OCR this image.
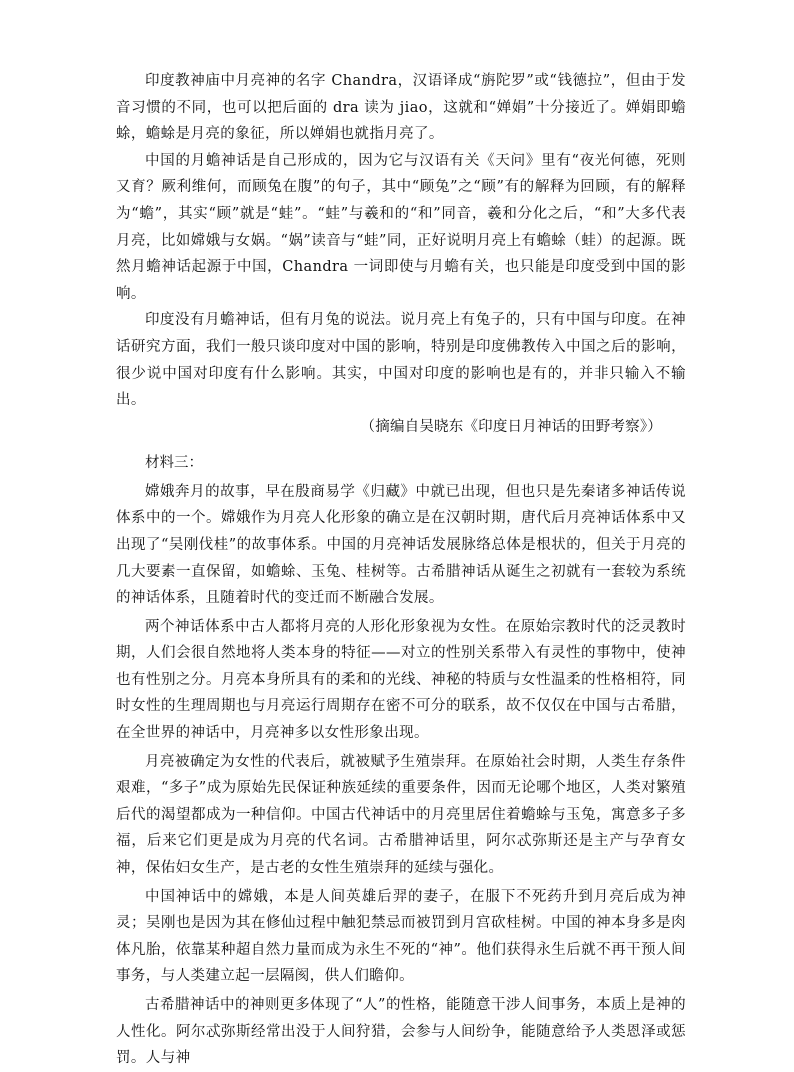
印度教神庙中月亮神的名字 Chandra，汉语译成“旃陀罗”或“钱德拉”，但由于发音习惯的不同，也可以把后面的 dra 读为 jiao，这就和“婵娟”十分接近了。婵娟即蟾蜍，蟾蜍是月亮的象征，所以婵娟也就指月亮了。

中国的月蟾神话是自己形成的，因为它与汉语有关《天问》里有“夜光何德，死则又育？厥利维何，而顾兔在腹”的句子，其中“顾兔”之“顾”有的解释为回顾，有的解释为“蟾”，其实“顾”就是“蛙”。“蛙”与羲和的“和”同音，羲和分化之后，“和”大多代表月亮，比如嫦娥与女娲。“娲”读音与“蛙”同，正好说明月亮上有蟾蜍（蛙）的起源。既然月蟾神话起源于中国，Chandra 一词即使与月蟾有关，也只能是印度受到中国的影响。

印度没有月蟾神话，但有月兔的说法。说月亮上有兔子的，只有中国与印度。在神话研究方面，我们一般只谈印度对中国的影响，特别是印度佛教传入中国之后的影响，很少说中国对印度有什么影响。其实，中国对印度的影响也是有的，并非只输入不输出。

（摘编自吴晓东《印度日月神话的田野考察》）

材料三：

嫦娥奔月的故事，早在殷商易学《归藏》中就已出现，但也只是先秦诸多神话传说体系中的一个。嫦娥作为月亮人化形象的确立是在汉朝时期，唐代后月亮神话体系中又出现了“吴刚伐桂”的故事体系。中国的月亮神话发展脉络总体是根状的，但关于月亮的几大要素一直保留，如蟾蜍、玉兔、桂树等。古希腊神话从诞生之初就有一套较为系统的神话体系，且随着时代的变迁而不断融合发展。

两个神话体系中古人都将月亮的人形化形象视为女性。在原始宗教时代的泛灵教时期，人们会很自然地将人类本身的特征——对立的性别关系带入有灵性的事物中，使神也有性别之分。月亮本身所具有的柔和的光线、神秘的特质与女性温柔的性格相符，同时女性的生理周期也与月亮运行周期存在密不可分的联系，故不仅仅在中国与古希腊，在全世界的神话中，月亮神多以女性形象出现。

月亮被确定为女性的代表后，就被赋予生殖崇拜。在原始社会时期，人类生存条件艰难，“多子”成为原始先民保证种族延续的重要条件，因而无论哪个地区，人类对繁殖后代的渴望都成为一种信仰。中国古代神话中的月亮里居住着蟾蜍与玉兔，寓意多子多福，后来它们更是成为月亮的代名词。古希腊神话里，阿尔忒弥斯还是主产与孕育女神，保佑妇女生产，是古老的女性生殖崇拜的延续与强化。

中国神话中的嫦娥，本是人间英雄后羿的妻子，在服下不死药升到月亮后成为神灵；吴刚也是因为其在修仙过程中触犯禁忌而被罚到月宫砍桂树。中国的神本身多是肉体凡胎，依靠某种超自然力量而成为永生不死的“神”。他们获得永生后就不再干预人间事务，与人类建立起一层隔阂，供人们瞻仰。

古希腊神话中的神则更多体现了“人”的性格，能随意干涉人间事务，本质上是神的人性化。阿尔忒弥斯经常出没于人间狩猎，会参与人间纷争，能随意给予人类恩泽或惩罚。人与神
